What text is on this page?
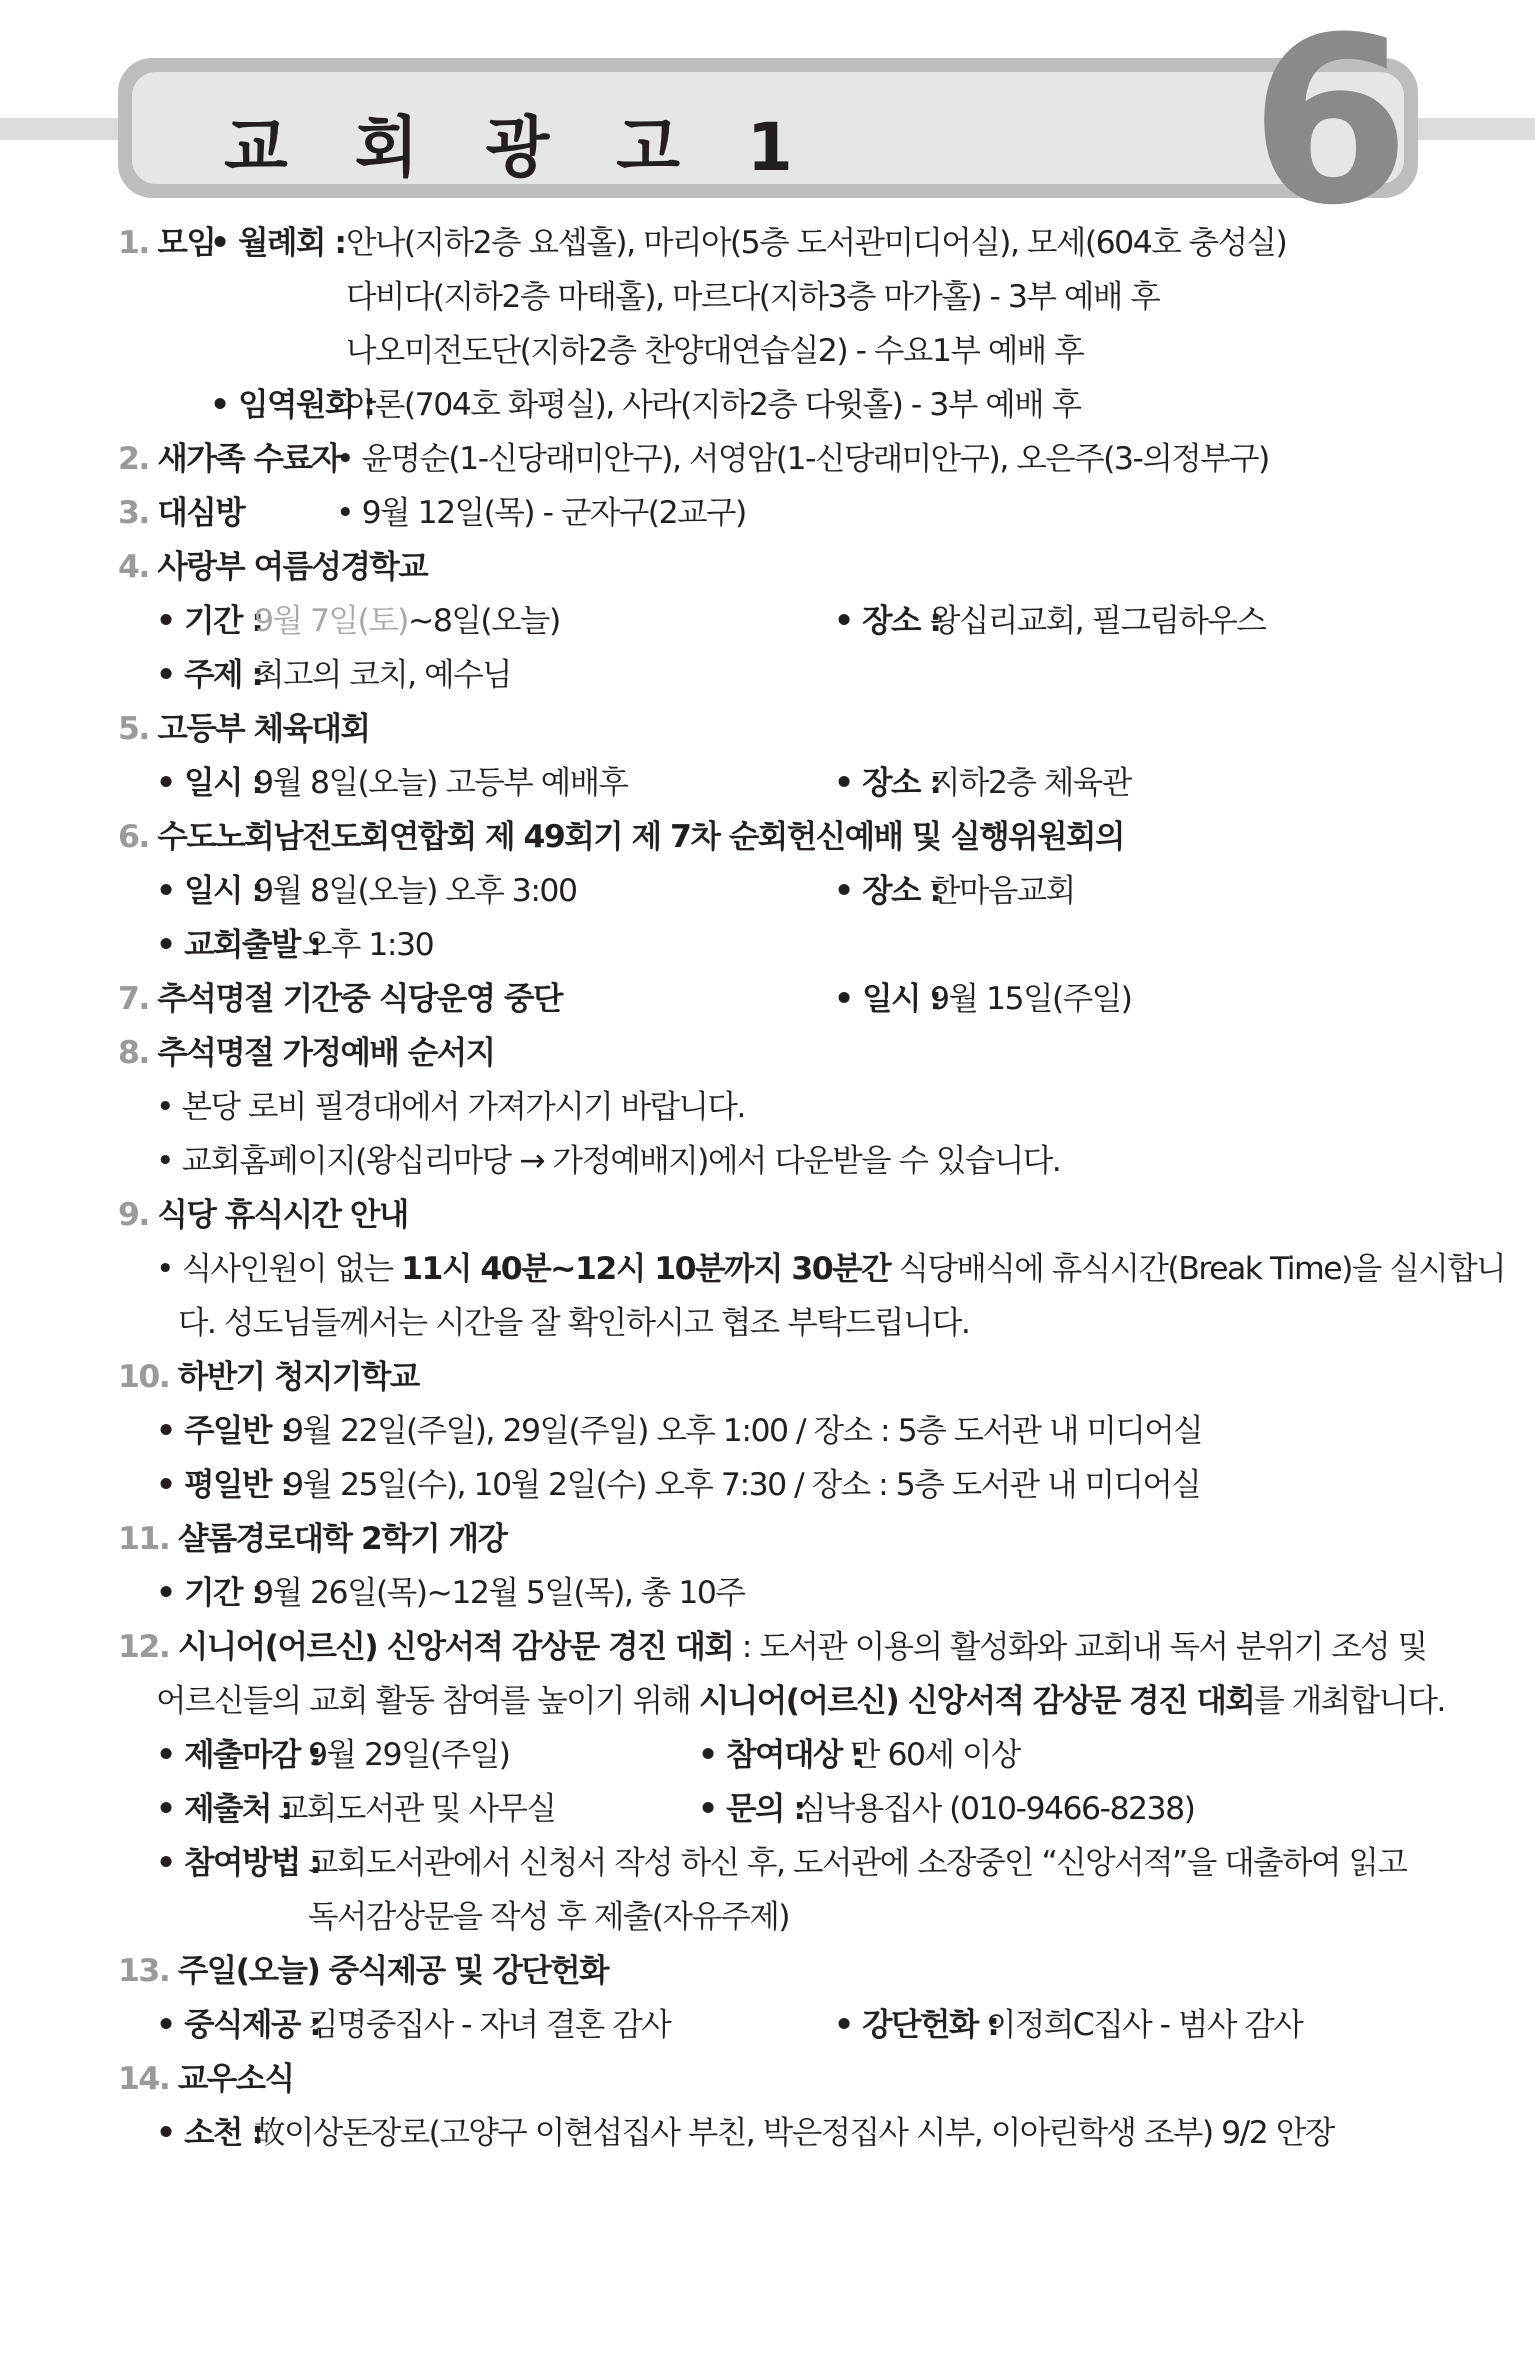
교 회 광 고 1 6
1. 모임
• 월례회 : 안나(지하2층 요셉홀), 마리아(5층 도서관미디어실), 모세(604호 충성실)
다비다(지하2층 마태홀), 마르다(지하3층 마가홀) - 3부 예배 후
나오미전도단(지하2층 찬양대연습실2) - 수요1부 예배 후
• 임역원회 :
아론(704호 화평실), 사라(지하2층 다윗홀) - 3부 예배 후
2. 새가족 수료자
• 윤명순(1-신당래미안구), 서영암(1-신당래미안구), 오은주(3-의정부구)
3. 대심방	• 9월 12일(목) - 군자구(2교구)
4. 사랑부 여름성경학교
• 기간 :
9월 7일(토)~8일(오늘)	• 장소 :
왕십리교회, 필그림하우스
• 주제 :
최고의 코치, 예수님
5. 고등부 체육대회
• 일시 :
9월 8일(오늘) 고등부 예배후	• 장소 :
지하2층 체육관
6. 수도노회남전도회연합회 제 49회기 제 7차 순회헌신예배 및 실행위원회의
• 일시 :
9월 8일(오늘) 오후 3:00	• 장소 :
한마음교회
• 교회출발 :
오후 1:30
7. 추석명절 기간중 식당운영 중단	• 일시 :
9월 15일(주일)
8. 추석명절 가정예배 순서지
• 본당 로비 필경대에서 가져가시기 바랍니다.
• 교회홈페이지(왕십리마당 → 가정예배지)에서 다운받을 수 있습니다.
9. 식당 휴식시간 안내
• 식사인원이 없는 11시 40분~12시 10분까지 30분간 식당배식에 휴식시간(Break Time)을 실시합니
다. 성도님들께서는 시간을 잘 확인하시고 협조 부탁드립니다.
10. 하반기 청지기학교
• 주일반 :
9월 22일(주일), 29일(주일) 오후 1:00 / 장소 : 5층 도서관 내 미디어실
• 평일반 :
9월 25일(수), 10월 2일(수) 오후 7:30 / 장소 : 5층 도서관 내 미디어실
11. 샬롬경로대학 2학기 개강
• 기간 :
9월 26일(목)~12월 5일(목), 총 10주
12. 시니어(어르신) 신앙서적 감상문 경진 대회 : 도서관 이용의 활성화와 교회내 독서 분위기 조성 및
어르신들의 교회 활동 참여를 높이기 위해 시니어(어르신) 신앙서적 감상문 경진 대회를 개최합니다.
• 제출마감 :
9월 29일(주일)	• 참여대상 :
만 60세 이상
• 제출처 :
교회도서관 및 사무실	• 문의 :
심낙용집사 (010-9466-8238)
• 참여방법 :
교회도서관에서 신청서 작성 하신 후, 도서관에 소장중인 “신앙서적”을 대출하여 읽고
독서감상문을 작성 후 제출(자유주제)
13. 주일(오늘) 중식제공 및 강단헌화
• 중식제공 :
김명중집사 - 자녀 결혼 감사	• 강단헌화 :
이정희C집사 - 범사 감사
14. 교우소식
• 소천 :
故이상돈장로(고양구 이현섭집사 부친, 박은정집사 시부, 이아린학생 조부) 9/2 안장
